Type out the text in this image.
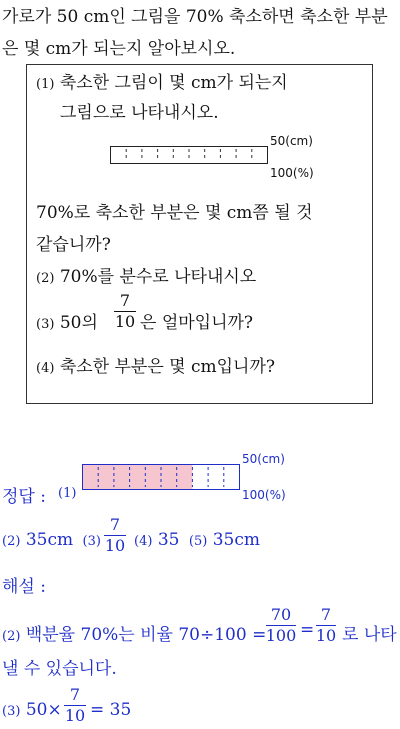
가로가 50 cm인 그림을 70% 축소하면 축소한 부분
은 몇 cm가 되는지 알아보시오.
(1) 축소한 그림이 몇 cm가 되는지
그림으로 나타내시오.
50(cm)
100(%)
70%로 축소한 부분은 몇 cm쯤 될 것
같습니까?
(2) 70%를 분수로 나타내시오
(3) 50의
7
10 은 얼마입니까?
(4) 축소한 부분은 몇 cm입니까?
정답 : (1)
50(cm)
100(%)
(2) 35cm (3)
7
10 (4) 35 (5) 35cm
해설 :
(2) 백분율 70%는 비율 70÷100 =
70
100 =
7
10 로 나타
낼 수 있습니다.
(3) 50×
7
10 = 35
